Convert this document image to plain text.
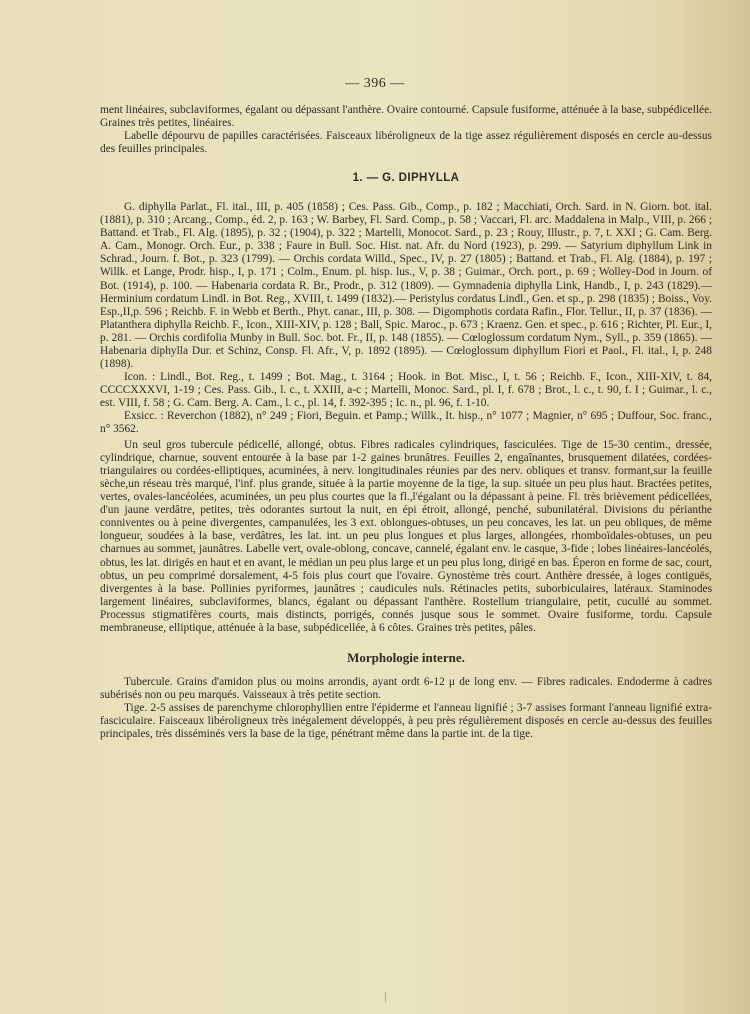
— 396 —

ment linéaires, subclaviformes, égalant ou dépassant l'anthère. Ovaire contourné. Capsule fusiforme, atténuée à la base, subpédicellée. Graines très petites, linéaires.

Labelle dépourvu de papilles caractérisées. Faisceaux libéroligneux de la tige assez régulièrement disposés en cercle au-dessus des feuilles principales.

1. — G. DIPHYLLA

G. diphylla Parlat., Fl. ital., III, p. 405 (1858) ; Ces. Pass. Gib., Comp., p. 182 ; Macchiati, Orch. Sard. in N. Giorn. bot. ital. (1881), p. 310 ; Arcang., Comp., éd. 2, p. 163 ; W. Barbey, Fl. Sard. Comp., p. 58 ; Vaccari, Fl. arc. Maddalena in Malp., VIII, p. 266 ; Battand. et Trab., Fl. Alg. (1895), p. 32 ; (1904), p. 322 ; Martelli, Monocot. Sard., p. 23 ; Rouy, Illustr., p. 7, t. XXI ; G. Cam. Berg. A. Cam., Monogr. Orch. Eur., p. 338 ; Faure in Bull. Soc. Hist. nat. Afr. du Nord (1923), p. 299. — Satyrium diphyllum Link in Schrad., Journ. f. Bot., p. 323 (1799). — Orchis cordata Willd., Spec., IV, p. 27 (1805) ; Battand. et Trab., Fl. Alg. (1884), p. 197 ; Willk. et Lange, Prodr. hisp., I, p. 171 ; Colm., Enum. pl. hisp. lus., V, p. 38 ; Guimar., Orch. port., p. 69 ; Wolley-Dod in Journ. of Bot. (1914), p. 100. — Habenaria cordata R. Br., Prodr., p. 312 (1809). — Gymnadenia diphylla Link, Handb., I, p. 243 (1829).— Herminium cordatum Lindl. in Bot. Reg., XVIII, t. 1499 (1832).— Peristylus cordatus Lindl., Gen. et sp., p. 298 (1835) ; Boiss., Voy. Esp.,II,p. 596 ; Reichb. F. in Webb et Berth., Phyt. canar., III, p. 308. — Digomphotis cordata Rafin., Flor. Tellur., II, p. 37 (1836). — Platanthera diphylla Reichb. F., Icon., XIII-XIV, p. 128 ; Ball, Spic. Maroc., p. 673 ; Kraenz. Gen. et spec., p. 616 ; Richter, Pl. Eur., I, p. 281. — Orchis cordifolia Munby in Bull. Soc. bot. Fr., II, p. 148 (1855). — Cœloglossum cordatum Nym., Syll., p. 359 (1865). — Habenaria diphylla Dur. et Schinz, Consp. Fl. Afr., V, p. 1892 (1895). — Cœloglossum diphyllum Fiori et Paol., Fl. ital., I, p. 248 (1898).

Icon. : Lindl., Bot. Reg., t. 1499 ; Bot. Mag., t. 3164 ; Hook. in Bot. Misc., I, t. 56 ; Reichb. F., Icon., XIII-XIV, t. 84, CCCCXXXVI, 1-19 ; Ces. Pass. Gib., l. c., t. XXIII, a-c ; Martelli, Monoc. Sard., pl. I, f. 678 ; Brot., l. c., t. 90, f. I ; Guimar., l. c., est. VIII, f. 58 ; G. Cam. Berg. A. Cam., l. c., pl. 14, f. 392-395 ; Ic. n., pl. 96, f. 1-10.

Exsicc. : Reverchon (1882), n° 249 ; Fiori, Beguin. et Pamp.; Willk., It. hisp., n° 1077 ; Magnier, n° 695 ; Duffour, Soc. franc., n° 3562.

Un seul gros tubercule pédicellé, allongé, obtus. Fibres radicales cylindriques, fasciculées. Tige de 15-30 centim., dressée, cylindrique, charnue, souvent entourée à la base par 1-2 gaines brunâtres. Feuilles 2, engaînantes, brusquement dilatées, cordées-triangulaires ou cordées-elliptiques, acuminées, à nerv. longitudinales réunies par des nerv. obliques et transv. formant,sur la feuille sèche,un réseau très marqué, l'inf. plus grande, située à la partie moyenne de la tige, la sup. située un peu plus haut. Bractées petites, vertes, ovales-lancéolées, acuminées, un peu plus courtes que la fl.,l'égalant ou la dépassant à peine. Fl. très brièvement pédicellées, d'un jaune verdâtre, petites, très odorantes surtout la nuit, en épi étroit, allongé, penché, subunilatéral. Divisions du périanthe conniventes ou à peine divergentes, campanulées, les 3 ext. oblongues-obtuses, un peu concaves, les lat. un peu obliques, de même longueur, soudées à la base, verdâtres, les lat. int. un peu plus longues et plus larges, allongées, rhomboïdales-obtuses, un peu charnues au sommet, jaunâtres. Labelle vert, ovale-oblong, concave, cannelé, égalant env. le casque, 3-fide ; lobes linéaires-lancéolés, obtus, les lat. dirigés en haut et en avant, le médian un peu plus large et un peu plus long, dirigé en bas. Éperon en forme de sac, court, obtus, un peu comprimé dorsalement, 4-5 fois plus court que l'ovaire. Gynostème très court. Anthère dressée, à loges contiguës, divergentes à la base. Pollinies pyriformes, jaunâtres ; caudicules nuls. Rétinacles petits, suborbiculaires, latéraux. Staminodes largement linéaires, subclaviformes, blancs, égalant ou dépassant l'anthère. Rostellum triangulaire, petit, cucullé au sommet. Processus stigmatifères courts, mais distincts, porrigés, connés jusque sous le sommet. Ovaire fusiforme, tordu. Capsule membraneuse, elliptique, atténuée à la base, subpédicellée, à 6 côtes. Graines très petites, pâles.

Morphologie interne.

Tubercule. Grains d'amidon plus ou moins arrondis, ayant ordt 6-12 μ de long env. — Fibres radicales. Endoderme à cadres subérisés non ou peu marqués. Vaisseaux à très petite section.

Tige. 2-5 assises de parenchyme chlorophyllien entre l'épiderme et l'anneau lignifié ; 3-7 assises formant l'anneau lignifié extra-fasciculaire. Faisceaux libéroligneux très inégalement développés, à peu près régulièrement disposés en cercle au-dessus des feuilles principales, très disséminés vers la base de la tige, pénétrant même dans la partie int. de la tige.
